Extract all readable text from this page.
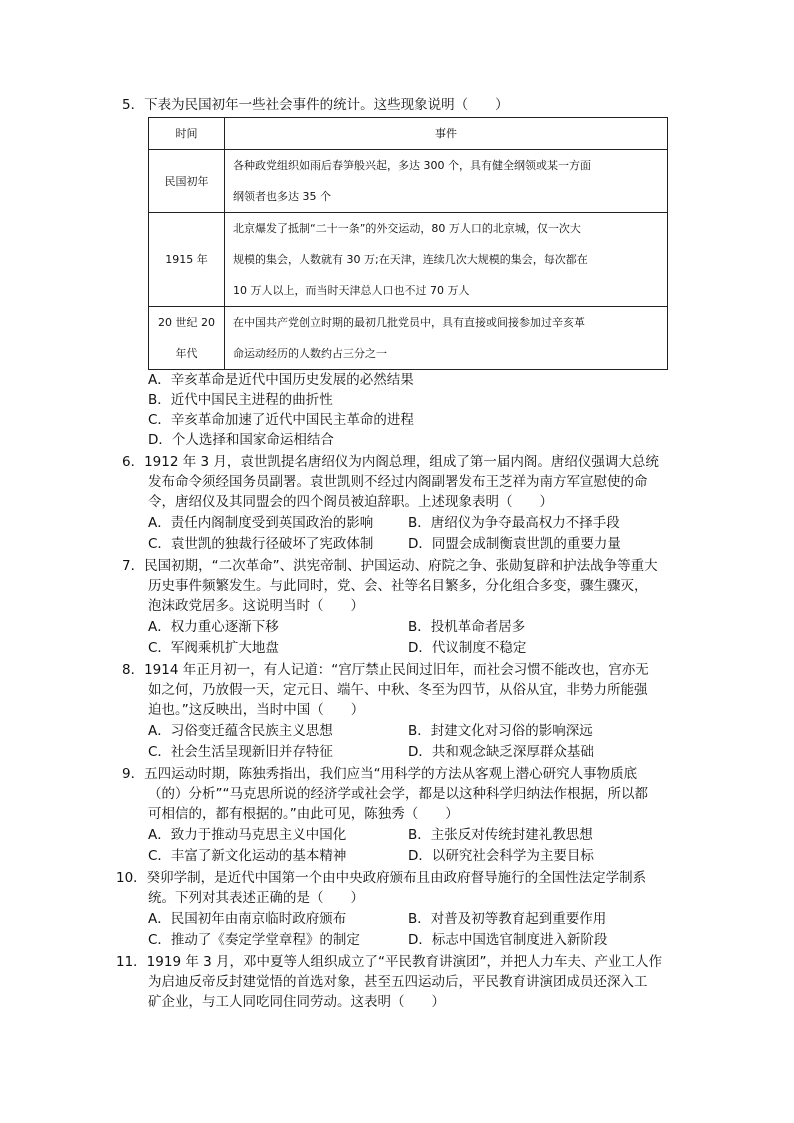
5．下表为民国初年一些社会事件的统计。这些现象说明（　　）
时间	事件

民国初年	各种政党组织如雨后春笋般兴起，多达 300 个，具有健全纲领或某一方面
纲领者也多达 35 个

1915 年	北京爆发了抵制“二十一条”的外交运动，80 万人口的北京城，仅一次大
规模的集会，人数就有 30 万;在天津，连续几次大规模的集会，每次都在
10 万人以上，而当时天津总人口也不过 70 万人

20 世纪 20
年代	在中国共产党创立时期的最初几批党员中，具有直接或间接参加过辛亥革
命运动经历的人数约占三分之一
A．辛亥革命是近代中国历史发展的必然结果
B．近代中国民主进程的曲折性
C．辛亥革命加速了近代中国民主革命的进程
D．个人选择和国家命运相结合
6．1912 年 3 月，袁世凯提名唐绍仪为内阁总理，组成了第一届内阁。唐绍仪强调大总统
发布命令须经国务员副署。袁世凯则不经过内阁副署发布王芝祥为南方军宣慰使的命
令，唐绍仪及其同盟会的四个阁员被迫辞职。上述现象表明（　　）
A．责任内阁制度受到英国政治的影响	B．唐绍仪为争夺最高权力不择手段
C．袁世凯的独裁行径破坏了宪政体制	D．同盟会成制衡袁世凯的重要力量
7．民国初期，“二次革命”、洪宪帝制、护国运动、府院之争、张勋复辟和护法战争等重大
历史事件频繁发生。与此同时，党、会、社等名目繁多，分化组合多变，骤生骤灭，
泡沫政党居多。这说明当时（　　）
A．权力重心逐渐下移	B．投机革命者居多
C．军阀乘机扩大地盘	D．代议制度不稳定
8．1914 年正月初一，有人记道：“宫厅禁止民间过旧年，而社会习惯不能改也，宫亦无
如之何，乃放假一天，定元日、端午、中秋、冬至为四节，从俗从宜，非势力所能强
迫也。”这反映出，当时中国（　　）
A．习俗变迁蕴含民族主义思想	B．封建文化对习俗的影响深远
C．社会生活呈现新旧并存特征	D．共和观念缺乏深厚群众基础
9．五四运动时期，陈独秀指出，我们应当“用科学的方法从客观上潜心研究人事物质底
（的）分析”“马克思所说的经济学或社会学，都是以这种科学归纳法作根据，所以都
可相信的，都有根据的。”由此可见，陈独秀（　　）
A．致力于推动马克思主义中国化	B．主张反对传统封建礼教思想
C．丰富了新文化运动的基本精神	D．以研究社会科学为主要目标
10．癸卯学制，是近代中国第一个由中央政府颁布且由政府督导施行的全国性法定学制系
统。下列对其表述正确的是（　　）
A．民国初年由南京临时政府颁布	B．对普及初等教育起到重要作用
C．推动了《奏定学堂章程》的制定	D．标志中国选官制度进入新阶段
11．1919 年 3 月，邓中夏等人组织成立了“平民教育讲演团”，并把人力车夫、产业工人作
为启迪反帝反封建觉悟的首选对象，甚至五四运动后，平民教育讲演团成员还深入工
矿企业，与工人同吃同住同劳动。这表明（　　）
